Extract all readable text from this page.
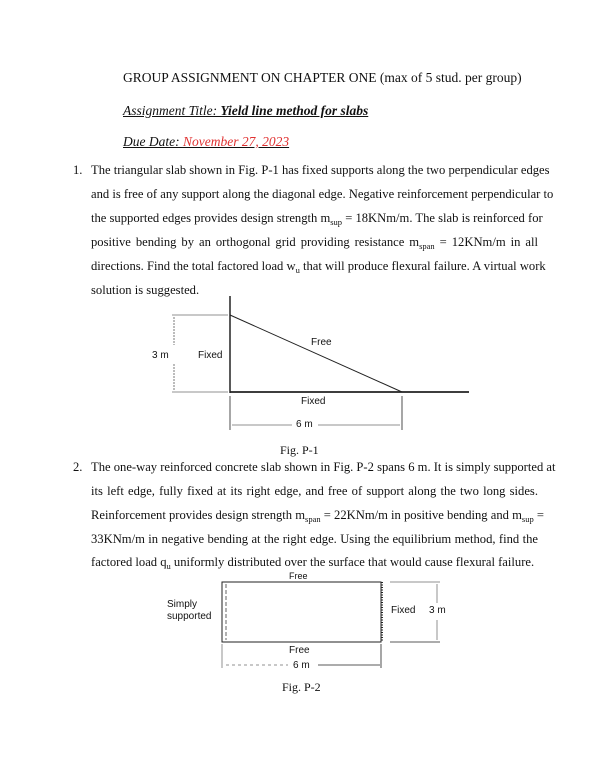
GROUP ASSIGNMENT ON CHAPTER ONE (max of 5 stud. per group)
Assignment Title: Yield line method for slabs
Due Date: November 27, 2023
1. The triangular slab shown in Fig. P-1 has fixed supports along the two perpendicular edges
and is free of any support along the diagonal edge. Negative reinforcement perpendicular to
the supported edges provides design strength $m_{sup} = 18KNm/m$. The slab is reinforced for
positive bending by an orthogonal grid providing resistance $m_{span} = 12KNm/m$ in all
directions. Find the total factored load $w_u$ that will produce flexural failure. A virtual work
solution is suggested.
Free
Fixed
3 m
Fixed
6 m
Fig. P-1
2. The one-way reinforced concrete slab shown in Fig. P-2 spans 6 m. It is simply supported at
its left edge, fully fixed at its right edge, and free of support along the two long sides.
Reinforcement provides design strength $m_{span} = 22KNm/m$ in positive bending and $m_{sup}$ =
33KNm/m in negative bending at the right edge. Using the equilibrium method, find the
factored load $q_u$ uniformly distributed over the surface that would cause flexural failure.
Free
Simply
supported
Fixed 3 m
Free
6 m
Fig. P-2
